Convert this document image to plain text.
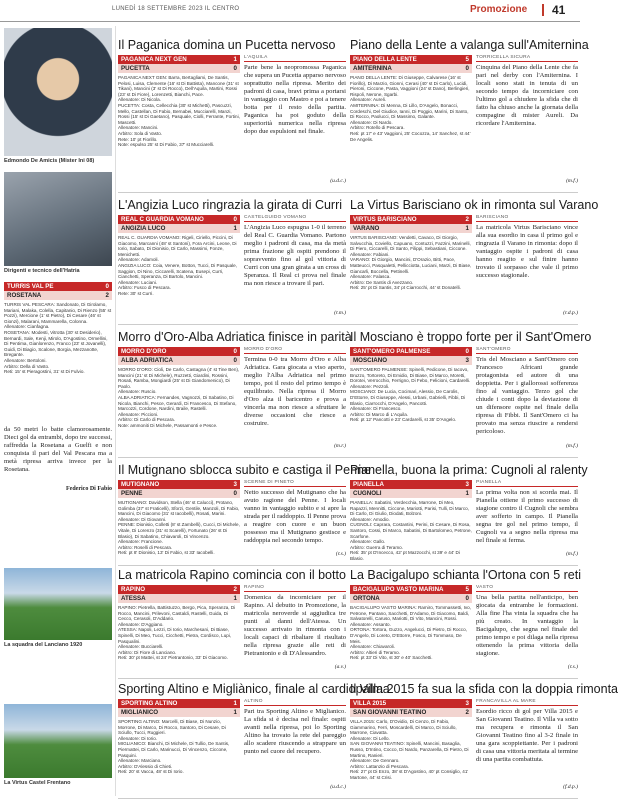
LUNEDÌ 18 SETTEMBRE 2023 IL CENTRO	Promozione 41
Edmondo De Amicis (Mister Ini 08)
Dirigenti e tecnico dell'Hatria
TURRIS VAL PE	0
ROSETANA	2
TURRIS VAL PESCARA: Sandonato, Di Girolamo, Mariani, Malaka, Colella, Capitanio, Di Rienzo (55' st Pozzi), Mercione (1' st Pietro), Di Cesare (46' st Gionzi), Malarani, Mammarella, Colonna.
Allenatore: Cianfagna.
ROSETANA: Modesti, Vitrotta (30' st Desiderio), Bernardi, Sale, Kenji, Mirolo, D'Agostino, Ormellini, Di Pentima, Gianlorenzo, Franco (23' st Jovanelli), Guidi, Di Biagio, Scalone, Borgia, Mezzanotte, Bregante.
Allenatore: Bertoloni.
Arbitro: Della di Vasto.
Reti: 15' st Pieragostini, 31' st Di Fulvio.
da 50 metri lo batte clamorosamente. Dieci gol da entrambi, dopo tre successi, raffredda la Rosetana a Guelfi e non conquista il pari del Val Pescara ma a metà ripresa arriva invece per la Rosetana.
Federico Di Fabio
La squadra del Lanciano 1920
La Virtus Castel Frentano
Il Paganica domina un Pucetta nervoso
PAGANICA NEXT GEN	1
PUCETTA	0
PAGANICA NEXT GEN: Barra, Bertagliami, De Santis, Pelosi, Luisa, Clemente (16' st Di Battista), Mancone (31' st Tikani), Mancini (3' st Di Rocco), Dell'Aquila, Martini, Rossi (23' st Di Fiore), Lorenzetti, Bianchi, Pace.
Allenatore: Di Nicola.
PUCETTA: Costa, Cellecchia (30' st Michetti), Pascuzzi, Mello, Castellan, Di Fabio, Bernabei, Mucciarelli, Manzi, Rossi (15' st Di Gaetano), Pasquale, Ciolli, Ferrante, Fortini, Mascetti.
Allenatore: Mancini.
Arbitro: Sola di Vasto.
Rete: 10' pt Fiorillo.
Note: espulso 25' st Di Fabio, 37' st Mucciarelli.
L'AQUILA
Parte bene la neopromossa Paganica che supera un Pucetta apparso nervoso soprattutto nella ripresa. Merito dei padroni di casa, bravi prima a portarsi in vantaggio con Mastro e poi a tenere botta per il resto della partita. Paganica ha poi goduto della superiorità numerica nella ripresa dopo due espulsioni nel finale.
(u.d.c.)
Piano della Lente a valanga sull'Amiternina
PIANO DELLA LENTE	5
AMITERNINA	0
PIANO DELLA LENTE: Di Giuseppe, Calvarese (16' st Fiorillo), Di Marzio, Gionni, Cerasi (40' st Di Carlo), Lucidi, Pieroni, Ciccone, Pasta, Vaggioni (24' st Dano), Berlingieri, Rispoli, Nerone, Sgarbi.
Allenatore: Aureli.
AMITERNINA: Di Menna, Di Lillo, D'Angelo, Bonacci, Cordeschi, Del Giudice, Ianni, Di Poggio, Marini, Di Santo, Di Rocco, Paolucci, Di Massimo, Galante.
Allenatore: Di Nardo.
Arbitro: Rotello di Pescara.
Reti: pt 17' e 43' Vaggioni, 25' Cocozza, 14' Sanchez, st 44' De Angelis.
TORRICELLA SICURA
Cinquina del Piano della Lente che fa pari nel derby con l'Amiternina. I locali sono stati in tenuta di un secondo tempo da incorniciare con l'ultimo gol a chiudere la sfida che di fatto ha chiuso anche la giornata della compagine di mister Aureli. Da ricordare l'Amiternina.
(m.f.)
L'Angizia Luco ringrazia la girata di Curri
REAL C GUARDIA VOMANO	0
ANGIZIA LUCO	1
REAL C. GUARDIA VOMANO: Rigeli, Ciriello, Piccini, Di Giacomo, Marcanni (48' st Santoni), Fora Arcini, Leone, Di Iorio, Sabato, Di Dionisio, Di Carlo, Massimi, Fonze, Menichetti.
Allenatore: Adamoli.
ANGIZIA LUCO: Coia, Venere, Botton, Tucci, Di Pasquale, Saggion, Di Nino, Ciccarelli, Scatena, Eusepi, Curri, Cianchetti, Speranza, Di Bartolo, Mancini.
Allenatore: Luciani.
Arbitro: Fusco di Pescara.
Rete: 30' st Curri.
CASTELGUIDO VOMANO
L'Angizia Luco espugna 1-0 il terreno del Real C. Guardia Vomano. Partono meglio i padroni di casa, ma da metà prima frazione gli ospiti prendono il sopravvento fino al gol vittoria di Curri con una gran girata a un cross di Speranza. Il Real ci prova nel finale ma non riesce a trovare il pari.
(r.m.)
La Virtus Barisciano ok in rimonta sul Varano
VIRTUS BARISCIANO	2
VARANO	1
VIRTUS BARISCIANO: Vendetti, Cavaco, Di Giorgio, Salvucchia, Coviello, Capuano, Contuzzi, Fazzini, Marinelli, Di Piero, Ciccarelli, Di Santo, Filippi, Sebastiani, Ciccone.
Allenatore: Fabiani.
VARANO: Di Giorgio, Mancini, D'Orazio, Bitti, Pace, Matteucci, Pasqualetti, Pellicciotta, Luciani, Marzi, Di Biase, Giancarli, Boccella, Pettinelli.
Allenatore: Falasca.
Arbitro: De Santis di Avezzano.
Reti: 25' pt Di Santis, 34' pt Ciarrocchi, 44' st Donatelli.
BARISCIANO
La matricola Virtus Barisciano vince alla sua esordio in casa il primo gol e ringrazia il Varano in rimonta: dopo il vantaggio ospite i padroni di casa hanno reagito e sul finire hanno trovato il sorpasso che vale il primo successo stagionale.
(r.d.p.)
Morro d'Oro-Alba Adriatica finisce in parità
MORRO D'ORO	0
ALBA ADRIATICA	0
MORRO D'ORO: Cioli, De Carlo, Castagna (4' st Tine Ben), Mancini (21' st Di Michele), Ruzzetti, Giardini, Rossini, Rosati, Ramba, Mongiardi (25' st Di Giandomenico), Di Paolo.
Allenatore: Ruscio.
ALBA ADRIATICA: Fernandes, Vagnozzi, Di Sabatino, Di Nicola, Bianchi, Pesce, Gerardi, Di Francesco, Di Stefano, Marcozzi, Cordone, Nardini, Braile, Rastelli.
Allenatore: Piccioni.
Arbitro: Di Carlo di Pescara.
Note: ammoniti Di Michele, Passamonti e Pesce.
MORRO D'ORO
Termina 0-0 tra Morro d'Oro e Alba Adriatica. Gara giocata a viso aperto, meglio l'Alba Adriatica nel primo tempo, poi il resto del primo tempo è equilibrato. Nella ripresa il Morro d'Oro alza il baricentro e prova a vincerla ma non riesce a sfruttare le diverse occasioni che riesce a costruire.
(m.r.)
Il Mosciano è troppo forte per il Sant'Omero
SANT'OMERO PALMENSE	0
MOSCIANO	3
SANT'OMERO PALMENSE: Spinelli, Pedicone, Di Iacovo, Bruzzo, Tortoreto, Di Emidio, Di Biase, Di Marco, Moretti, Dorotei, Verrocchio, Ferrigno, Di Febo, Felicioni, Cardarelli.
Allenatore: Pezzoli.
MOSCIANO: De Lucia, Cocimari, Alessio, De Carolis, D'Ettorre, Di Giuseppe, Alessi, Urbani, Gabrielli, Fibbi, Di Blasio, Ciarrocchi, D'Angelo, Pancotti.
Allenatore: Di Francesco.
Arbitro: Di Marco di L'Aquila.
Reti: pt 12' Pancotti e 23' Cardarelli, st 35' D'Angelo.
SANT'OMERO
Tris del Mosciano a Sant'Omero con Francesco Africani grande protagonista ed autore di una doppietta. Per i giallorossi sofferenza fino al vantaggio. Terzo gol che chiude i conti dopo la deviazione di un difensore ospite nel finale della ripresa di Fibbi. Il Sant'Omero ci ha provato ma senza riuscire a rendersi pericoloso.
(m.f.)
Il Mutignano sblocca subito e castiga il Penne
MUTIGNANO	3
PENNE	0
MUTIGNANO: Davidson, Stella (46' st Calucci), Protano, Golimba (37' st Fraticelli), Sforzi, Gentile, Manzoli, Di Fabio, Mancini, Di Giacomo (31' st Iacobelli), Rosati, Marini.
Allenatore: Di Giovanni.
PENNE: Dionisio, Colletti (8' st Zambelli), Cucci, Di Michele, Vitale, Di Lorenzo (31' st Scarelli), Fortunato (26' st Di Blasio), Di Sabatino, Chiavaroli, Di Vincenzo.
Allenatore: Francione.
Arbitro: Roselli di Pescara.
Reti: pt 8' Dionisio, 13' Di Fabio, st 33' Iacobelli.
SCERNE DI PINETO
Netto successo del Mutignano che ha avuto ragione del Penne. I locali vanno in vantaggio subito e si apre la strada per il raddoppio. Il Penne prova a reagire con cuore e un buon possesso ma il Mutignano gestisce e raddoppia nel secondo tempo.
(r.s.)
Pianella, buona la prima: Cugnoli al ralenty
PIANELLA	3
CUGNOLI	1
PIANELLA: Sabatini, Verdecchia, Marrone, Di Meo, Rapazzi, Mennitti, Ciccone, Mariotti, Parisi, Tulli, Di Marco, Di Carlo, Di Giulio, Diodati, Bolzoni.
Allenatore: Amodio.
CUGNOLI: Caprara, Costantini, Perini, Di Cesare, Di Rosa, Santoro, Cossi, Di Marco, Sabatini, Di Bartolomeo, Petrone, Scarfone.
Allenatore: Gallo.
Arbitro: Guerra di Teramo.
Reti: 35' pt D'Incecco, 42' pt Mazzocchi, st 39' e 44' Di Blasio.
PIANELLA
La prima volta non si scorda mai. Il Pianella ottiene il primo successo di stagione contro il Cugnoli che sembra aver sofferto in campo. Il Pianella segna tre gol nel primo tempo, il Cugnoli va a segno nella ripresa ma nel finale si ferma.
(m.f.)
La matricola Rapino comincia con il botto
RAPINO	2
ATESSA	1
RAPINO: Pietrella, Battistuzzo, Bergo, Pica, Speranza, Di Rocco, Mancini, Prilevoni, Castaldi, Rastelli, Guida, Di Cecco, Cerasoli, D'Addario.
Allenatore: D'Aggiano.
ATESSA: Napoli, Lezzi, Di Iorio, Marchesani, Di Biase, Spinelli, Di Meo, Tucci, Cicchetti, Pietra, Cordisco, Lupi, Pasqualini.
Allenatore: Bucciarelli.
Arbitro: Di Fiore di Lanciano.
Reti: 30' pt Mattei, st 24' Pietrantonio, 33' Di Giacomo.
RAPINO
Domenica da incorniciare per il Rapino. Al debutto in Promozione, la matricola neroverde si aggiudica tre punti al danni dell'Atessa. Un successo arrivato in rimonta con i locali capaci di ribaltare il risultato nella ripresa grazie alle reti di Pietrantonio e di D'Alessandro.
(a.v.)
La Bacigalupo schianta l'Ortona con 5 reti
BACIGALUPO VASTO MARINA	5
ORTONA	0
BACIGALUPO VASTO MARINA: Ramiro, Tommassetti, Ivo, Petrone, Pantano, Sacchetti, D'Adamo, Di Giacomo, Baldi, Salvatorelli, Caruso, Mariotti, Di Vito, Mancini, Rossi.
Allenatore: Assanto.
ORTONA: Tortora, Guzzo, Angelucci, Di Pietro, Di Rocco, D'Angelo, Di Loreto, D'Ettorre, Fosco, Di Tommaso, De Meis.
Allenatore: Chiavaroli.
Arbitro: Altieri di Teramo.
Reti: pt 33' Di Vito, st 30' e 40' Sacchetti.
VASTO
Una bella partita nell'anticipo, ben giocata da entrambe le formazioni. Alla fine l'ha vinta la squadra che ha più creato. In vantaggio la Bacigalupo, che segna nel finale del primo tempo e poi dilaga nella ripresa ottenendo la prima vittoria della stagione.
(r.s.)
Sporting Altino e Migliànico, finale al cardiopalma
SPORTING ALTINO	1
MIGLIANICO	1
SPORTING ALTINO: Marcelli, Di Biase, Di Nunzio, Morrone, Di Marco, Di Rocco, Santoro, Di Cesare, Di Sciullo, Tucci, Ruggieri.
Allenatore: Di Iorio.
MIGLIANICO: Bianchi, Di Michele, Di Tullio, De Santis, Piermattei, Di Carlo, Marinucci, Di Vincenzo, Ciccone, Pasquini.
Allenatore: Marciano.
Arbitro: D'Alessio di Chieti.
Reti: 20' st Vacca, 48' st Di Iorio.
ALTINO
Pari tra Sporting Altino e Miglianico. La sfida si è decisa nel finale: ospiti avanti nella ripresa, poi lo Sporting Altino ha trovato la rete del pareggio allo scadere riuscendo a strappare un punto nel cuore del recupero.
(u.d.c.)
Il Villa 2015 fa sua la sfida con la doppia rimonta
VILLA 2015	3
SAN GIOVANNI TEATINO	2
VILLA 2015: Carlo, D'Ovidio, Di Cenzo, Di Fabio, Giammarino, Ferri, Moscardelli, Di Marco, Di Sciullo, Marrone, Ciavatta.
Allenatore: Di Lello.
SAN GIOVANNI TEATINO: Spinelli, Mancini, Basaglia, Russo, D'Intino, Cocco, Di Nardo, Panzarella, Di Pietro, Di Martino, Ranieri.
Allenatore: De Gennaro.
Arbitro: Lattanzio di Pescara.
Reti: 27' pt Di Enzo, 38' st D'Agostino, 40' pt Consiglio, 41' Martone, 44' st Crisi.
FRANCAVILLA AL MARE
Esordio ricco di gol per Villa 2015 e San Giovanni Teatino. Il Villa va sotto ma recupera e rimonta il San Giovanni Teatino fino al 3-2 finale in una gara scoppiettante. Per i padroni di casa una vittoria meritata al termine di una partita combattuta.
(f.d.p.)
